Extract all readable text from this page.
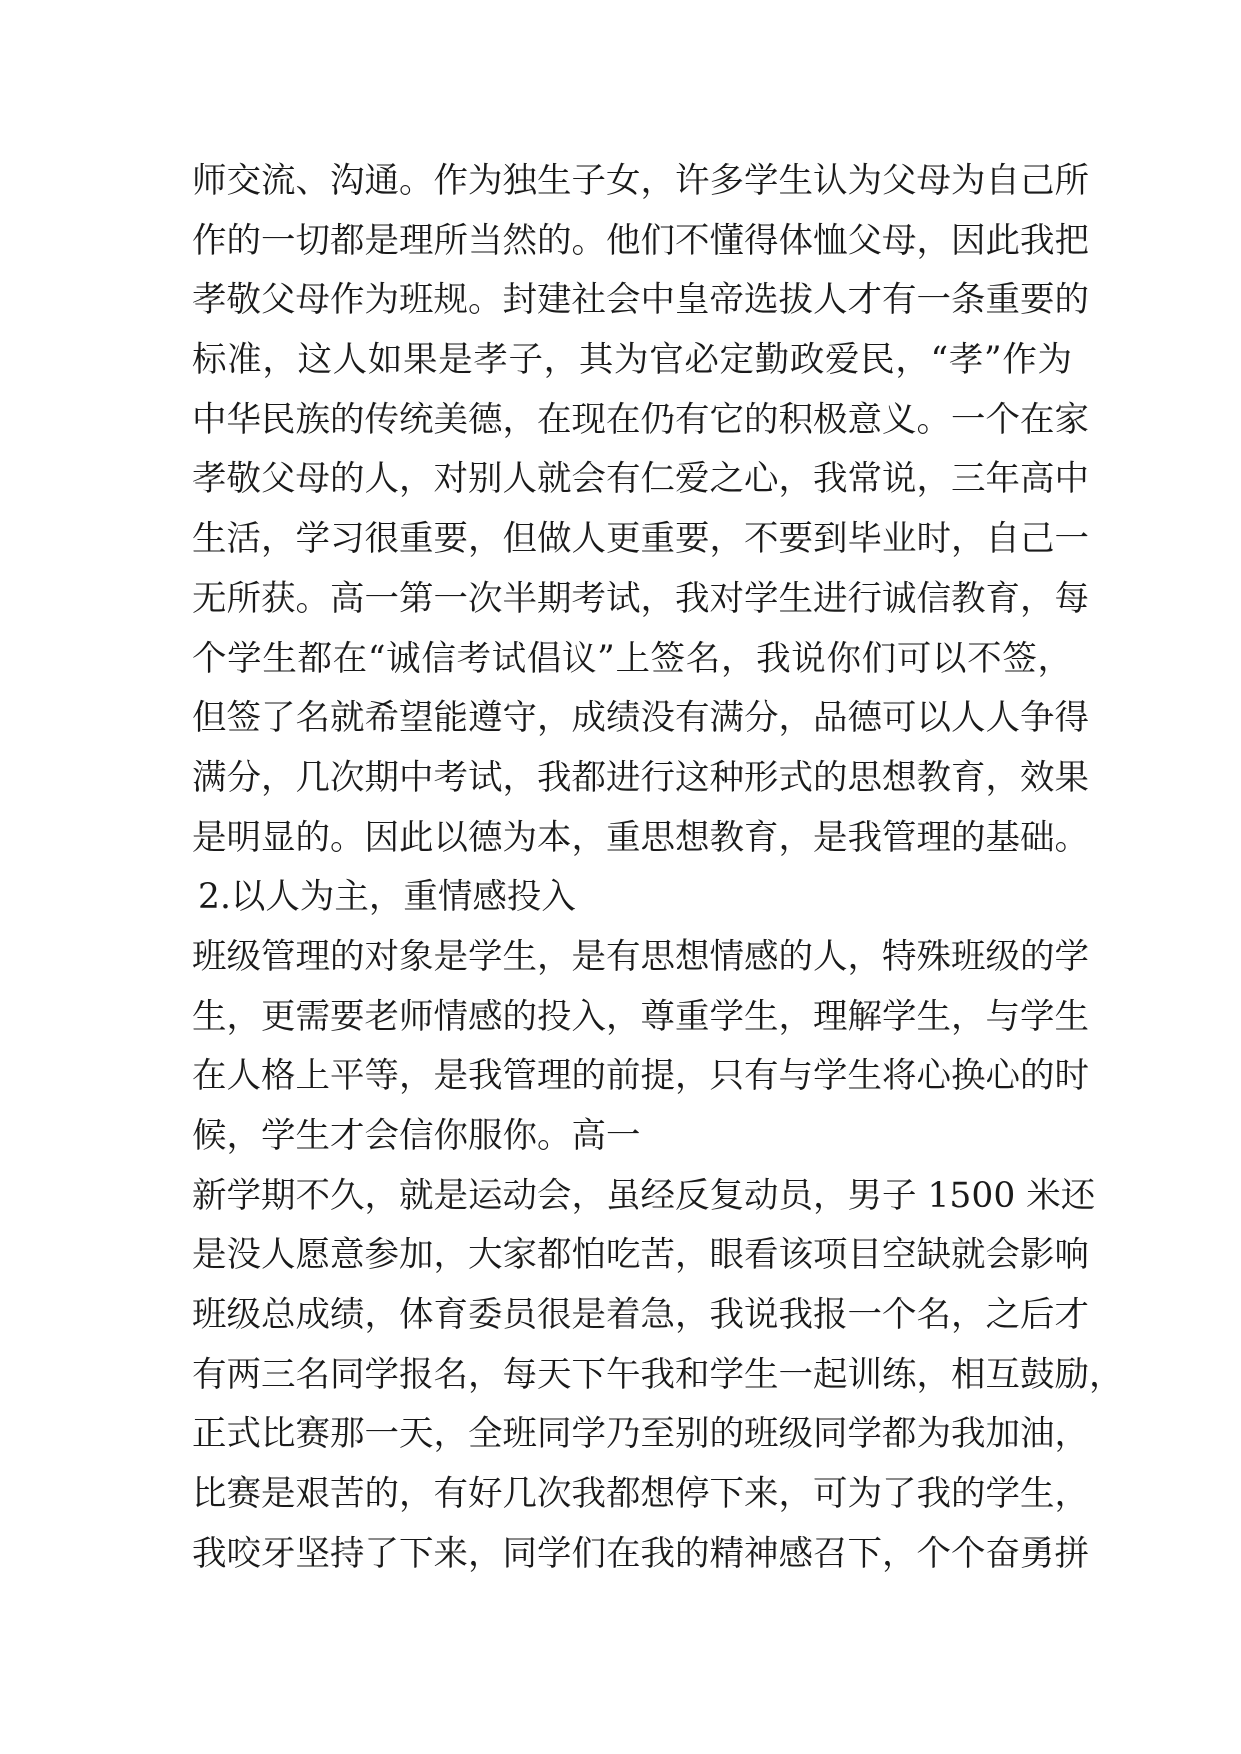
师交流、沟通。作为独生子女，许多学生认为父母为自己所
作的一切都是理所当然的。他们不懂得体恤父母，因此我把
孝敬父母作为班规。封建社会中皇帝选拔人才有一条重要的
标准，这人如果是孝子，其为官必定勤政爱民，“孝”作为
中华民族的传统美德，在现在仍有它的积极意义。一个在家
孝敬父母的人，对别人就会有仁爱之心，我常说，三年高中
生活，学习很重要，但做人更重要，不要到毕业时，自己一
无所获。高一第一次半期考试，我对学生进行诚信教育，每
个学生都在“诚信考试倡议”上签名，我说你们可以不签，
但签了名就希望能遵守，成绩没有满分，品德可以人人争得
满分，几次期中考试，我都进行这种形式的思想教育，效果
是明显的。因此以德为本，重思想教育，是我管理的基础。
2.以人为主，重情感投入
班级管理的对象是学生，是有思想情感的人，特殊班级的学
生，更需要老师情感的投入，尊重学生，理解学生，与学生
在人格上平等，是我管理的前提，只有与学生将心换心的时
候，学生才会信你服你。高一
新学期不久，就是运动会，虽经反复动员，男子 1500 米还
是没人愿意参加，大家都怕吃苦，眼看该项目空缺就会影响
班级总成绩，体育委员很是着急，我说我报一个名，之后才
有两三名同学报名，每天下午我和学生一起训练，相互鼓励，
正式比赛那一天，全班同学乃至别的班级同学都为我加油，
比赛是艰苦的，有好几次我都想停下来，可为了我的学生，
我咬牙坚持了下来，同学们在我的精神感召下，个个奋勇拼
